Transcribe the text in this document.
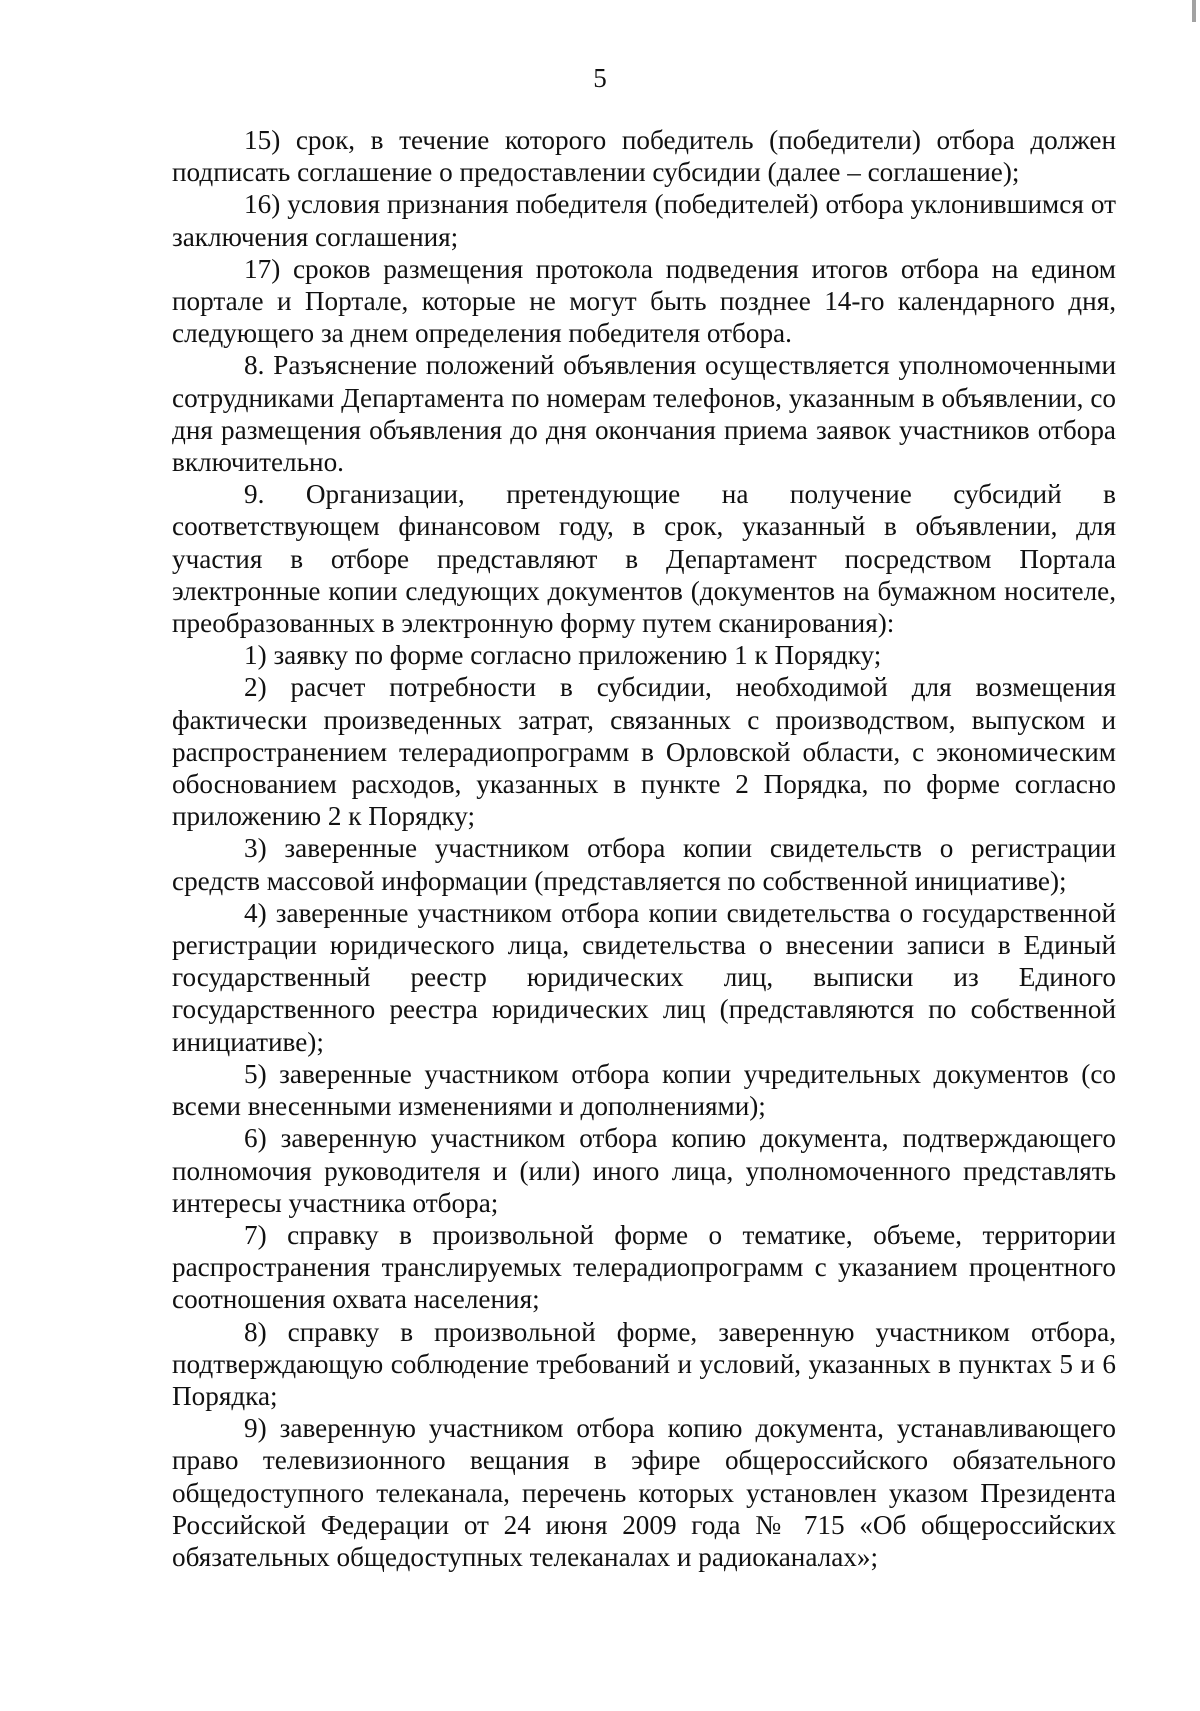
5

15) срок, в течение которого победитель (победители) отбора должен подписать соглашение о предоставлении субсидии (далее – соглашение);

16) условия признания победителя (победителей) отбора уклонившимся от заключения соглашения;

17) сроков размещения протокола подведения итогов отбора на едином портале и Портале, которые не могут быть позднее 14-го календарного дня, следующего за днем определения победителя отбора.

8. Разъяснение положений объявления осуществляется уполномоченными сотрудниками Департамента по номерам телефонов, указанным в объявлении, со дня размещения объявления до дня окончания приема заявок участников отбора включительно.

9. Организации, претендующие на получение субсидий в соответствующем финансовом году, в срок, указанный в объявлении, для участия в отборе представляют в Департамент посредством Портала электронные копии следующих документов (документов на бумажном носителе, преобразованных в электронную форму путем сканирования):

1) заявку по форме согласно приложению 1 к Порядку;

2) расчет потребности в субсидии, необходимой для возмещения фактически произведенных затрат, связанных с производством, выпуском и распространением телерадиопрограмм в Орловской области, с экономическим обоснованием расходов, указанных в пункте 2 Порядка, по форме согласно приложению 2 к Порядку;

3) заверенные участником отбора копии свидетельств о регистрации средств массовой информации (представляется по собственной инициативе);

4) заверенные участником отбора копии свидетельства о государственной регистрации юридического лица, свидетельства о внесении записи в Единый государственный реестр юридических лиц, выписки из Единого государственного реестра юридических лиц (представляются по собственной инициативе);

5) заверенные участником отбора копии учредительных документов (со всеми внесенными изменениями и дополнениями);

6) заверенную участником отбора копию документа, подтверждающего полномочия руководителя и (или) иного лица, уполномоченного представлять интересы участника отбора;

7) справку в произвольной форме о тематике, объеме, территории распространения транслируемых телерадиопрограмм с указанием процентного соотношения охвата населения;

8) справку в произвольной форме, заверенную участником отбора, подтверждающую соблюдение требований и условий, указанных в пунктах 5 и 6 Порядка;

9) заверенную участником отбора копию документа, устанавливающего право телевизионного вещания в эфире общероссийского обязательного общедоступного телеканала, перечень которых установлен указом Президента Российской Федерации от 24 июня 2009 года № 715 «Об общероссийских обязательных общедоступных телеканалах и радиоканалах»;
